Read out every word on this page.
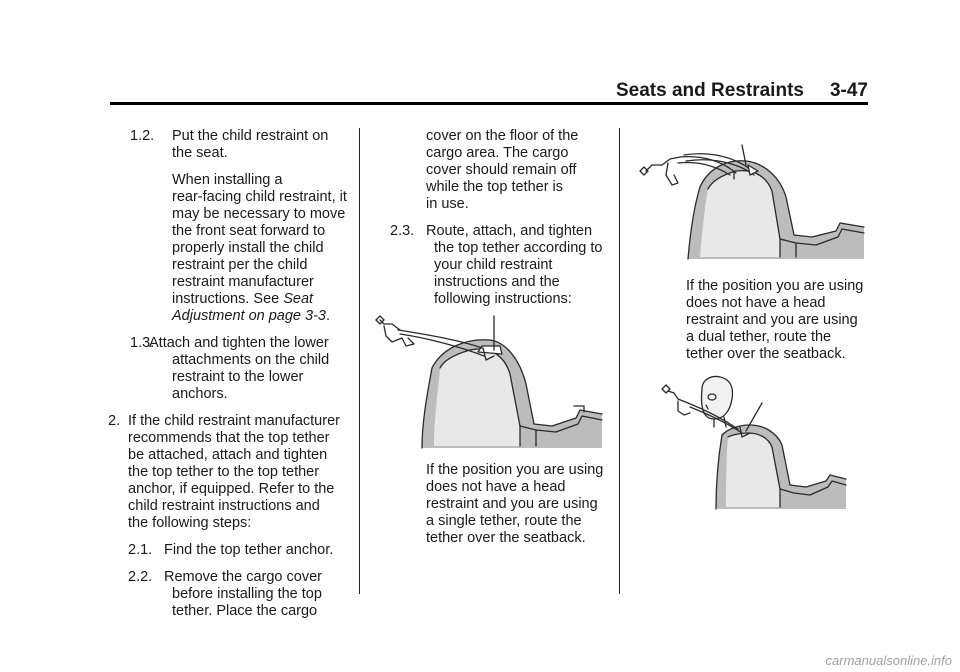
Seats and Restraints 3-47
1.2. Put the child restraint on
the seat.
When installing a
rear-facing child restraint, it
may be necessary to move
the front seat forward to
properly install the child
restraint per the child
restraint manufacturer
instructions. See Seat
Adjustment on page 3-3.
1.3.
Attach and tighten the lower
attachments on the child
restraint to the lower
anchors.
2. If the child restraint manufacturer
recommends that the top tether
be attached, attach and tighten
the top tether to the top tether
anchor, if equipped. Refer to the
child restraint instructions and
the following steps:
2.1. Find the top tether anchor.
2.2. Remove the cargo cover
before installing the top
tether. Place the cargo
cover on the floor of the
cargo area. The cargo
cover should remain off
while the top tether is
in use.
2.3. Route, attach, and tighten
the top tether according to
your child restraint
instructions and the
following instructions:
If the position you are using
does not have a head
restraint and you are using
a single tether, route the
tether over the seatback.
If the position you are using
does not have a head
restraint and you are using
a dual tether, route the
tether over the seatback.
carmanualsonline.info
